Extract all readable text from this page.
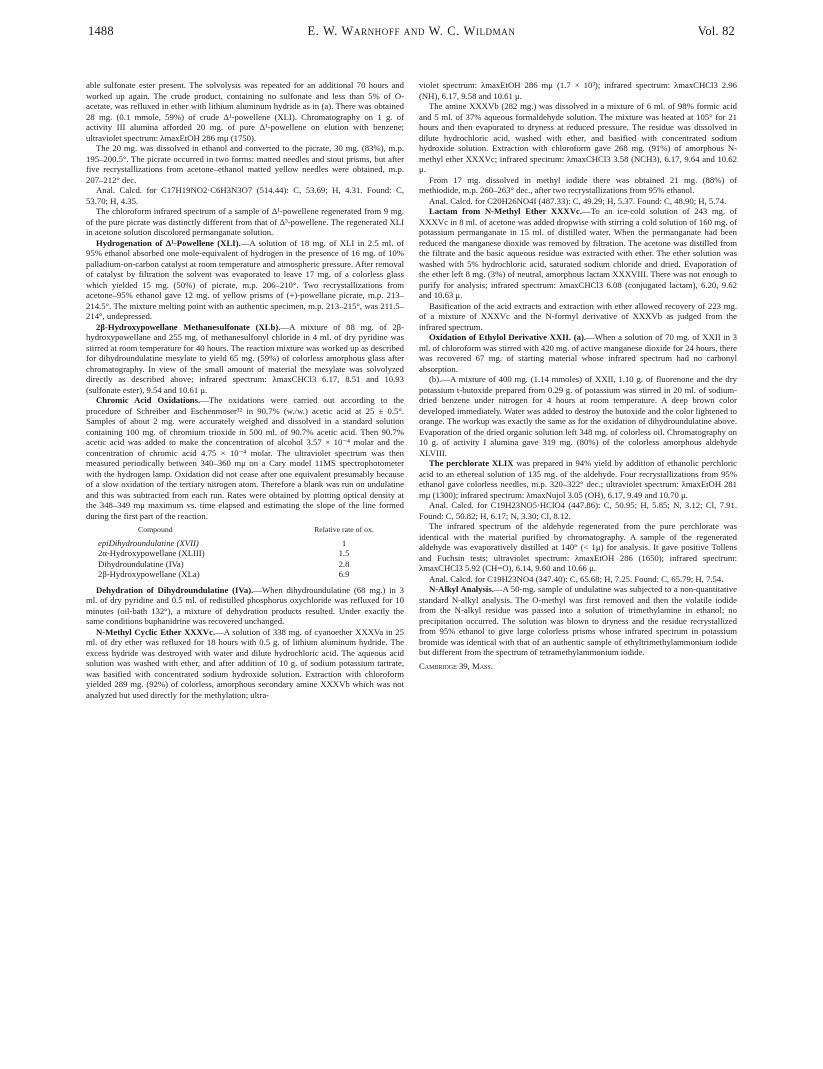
1488	E. W. Warnhoff and W. C. Wildman	Vol. 82

able sulfonate ester present. The solvolysis was repeated for an additional 70 hours and worked up again. The crude product, containing no sulfonate and less than 5% of O-acetate, was refluxed in ether with lithium aluminum hydride as in (a). There was obtained 28 mg. (0.1 mmole, 59%) of crude Δ¹-powellene (XLI). Chromatography on 1 g. of activity III alumina afforded 20 mg. of pure Δ¹-powellene on elution with benzene; ultraviolet spectrum: λmaxEtOH 286 mμ (1750).

The 20 mg. was dissolved in ethanol and converted to the picrate, 30 mg. (83%), m.p. 195–200.5°. The picrate occurred in two forms: matted needles and stout prisms, but after five recrystallizations from acetone–ethanol matted yellow needles were obtained, m.p. 207–212° dec.

Anal. Calcd. for C17H19NO2·C6H3N3O7 (514.44): C, 53.69; H, 4.31. Found: C, 53.70; H, 4.35.

The chloroform infrared spectrum of a sample of Δ¹-powellene regenerated from 9 mg. of the pure picrate was distinctly different from that of Δ³-powellene. The regenerated XLI in acetone solution discolored permanganate solution.

Hydrogenation of Δ¹-Powellene (XLI).—A solution of 18 mg. of XLI in 2.5 ml. of 95% ethanol absorbed one mole-equivalent of hydrogen in the presence of 16 mg. of 10% palladium-on-carbon catalyst at room temperature and atmospheric pressure. After removal of catalyst by filtration the solvent was evaporated to leave 17 mg. of a colorless glass which yielded 15 mg. (50%) of picrate, m.p. 206–210°. Two recrystallizations from acetone–95% ethanol gave 12 mg. of yellow prisms of (+)-powellane picrate, m.p. 213–214.5°. The mixture melting point with an authentic specimen, m.p. 213–215°, was 211.5–214°, undepressed.

2β-Hydroxypowellane Methanesulfonate (XLb).—A mixture of 88 mg. of 2β-hydroxypowellane and 255 mg. of methanesulfonyl chloride in 4 ml. of dry pyridine was stirred at room temperature for 40 hours. The reaction mixture was worked up as described for dihydroundulatine mesylate to yield 65 mg. (59%) of colorless amorphous glass after chromatography. In view of the small amount of material the mesylate was solvolyzed directly as described above; infrared spectrum: λmaxCHCl3 6.17, 8.51 and 10.93 (sulfonate ester), 9.54 and 10.61 μ.

Chromic Acid Oxidations.—The oxidations were carried out according to the procedure of Schreiber and Eschenmoser³² in 90.7% (w./w.) acetic acid at 25 ± 0.5°. Samples of about 2 mg. were accurately weighed and dissolved in a standard solution containing 100 mg. of chromium trioxide in 500 ml. of 90.7% acetic acid. Then 90.7% acetic acid was added to make the concentration of alcohol 3.57 × 10⁻⁴ molar and the concentration of chromic acid 4.75 × 10⁻⁴ molar. The ultraviolet spectrum was then measured periodically between 340–360 mμ on a Cary model 11MS spectrophotometer with the hydrogen lamp. Oxidation did not cease after one equivalent presumably because of a slow oxidation of the tertiary nitrogen atom. Therefore a blank was run on undulatine and this was subtracted from each run. Rates were obtained by plotting optical density at the 348–349 mμ maximum vs. time elapsed and estimating the slope of the line formed during the first part of the reaction.

Compound	Relative rate of ox.
epiDihydroundulatine (XVII)	1
2α-Hydroxypowellane (XLIII)	1.5
Dihydroundulatine (IVa)	2.8
2β-Hydroxypowellane (XLa)	6.9

Dehydration of Dihydroundulatine (IVa).—When dihydroundulatine (68 mg.) in 3 ml. of dry pyridine and 0.5 ml. of redistilled phosphorus oxychloride was refluxed for 10 minutes (oil-bath 132°), a mixture of dehydration products resulted. Under exactly the same conditions buphanidrine was recovered unchanged.

N-Methyl Cyclic Ether XXXVc.—A solution of 338 mg. of cyanoether XXXVa in 25 ml. of dry ether was refluxed for 18 hours with 0.5 g. of lithium aluminum hydride. The excess hydride was destroyed with water and dilute hydrochloric acid. The aqueous acid solution was washed with ether, and after addition of 10 g. of sodium potassium tartrate, was basified with concentrated sodium hydroxide solution. Extraction with chloroform yielded 289 mg. (92%) of colorless, amorphous secondary amine XXXVb which was not analyzed but used directly for the methylation; ultra-

violet spectrum: λmaxEtOH 286 mμ (1.7 × 10³); infrared spectrum: λmaxCHCl3 2.96 (NH), 6.17, 9.58 and 10.61 μ.

The amine XXXVb (282 mg.) was dissolved in a mixture of 6 ml. of 98% formic acid and 5 ml. of 37% aqueous formaldehyde solution. The mixture was heated at 105° for 21 hours and then evaporated to dryness at reduced pressure. The residue was dissolved in dilute hydrochloric acid, washed with ether, and basified with concentrated sodium hydroxide solution. Extraction with chloroform gave 268 mg. (91%) of amorphous N-methyl ether XXXVc; infrared spectrum: λmaxCHCl3 3.58 (NCH3), 6.17, 9.64 and 10.62 μ.

From 17 mg. dissolved in methyl iodide there was obtained 21 mg. (88%) of methiodide, m.p. 260–263° dec., after two recrystallizations from 95% ethanol.

Anal. Calcd. for C20H26NO4I (487.33): C, 49.29; H, 5.37. Found: C, 48.90; H, 5.74.

Lactam from N-Methyl Ether XXXVc.—To an ice-cold solution of 243 mg. of XXXVc in 8 ml. of acetone was added dropwise with stirring a cold solution of 160 mg. of potassium permanganate in 15 ml. of distilled water. When the permanganate had been reduced the manganese dioxide was removed by filtration. The acetone was distilled from the filtrate and the basic aqueous residue was extracted with ether. The ether solution was washed with 5% hydrochloric acid, saturated sodium chloride and dried. Evaporation of the ether left 8 mg. (3%) of neutral, amorphous lactam XXXVIII. There was not enough to purify for analysis; infrared spectrum: λmaxCHCl3 6.08 (conjugated lactam), 6.20, 9.62 and 10.63 μ.

Basification of the acid extracts and extraction with ether allowed recovery of 223 mg. of a mixture of XXXVc and the N-formyl derivative of XXXVb as judged from the infrared spectrum.

Oxidation of Ethylol Derivative XXII. (a).—When a solution of 70 mg. of XXII in 3 ml. of chloroform was stirred with 420 mg. of active manganese dioxide for 24 hours, there was recovered 67 mg. of starting material whose infrared spectrum had no carbonyl absorption.

(b).—A mixture of 400 mg. (1.14 mmoles) of XXII, 1.10 g. of fluorenone and the dry potassium t-butoxide prepared from 0.29 g. of potassium was stirred in 20 ml. of sodium-dried benzene under nitrogen for 4 hours at room temperature. A deep brown color developed immediately. Water was added to destroy the butoxide and the color lightened to orange. The workup was exactly the same as for the oxidation of dihydroundulatine above. Evaporation of the dried organic solution left 348 mg. of colorless oil. Chromatography on 10 g. of activity I alumina gave 319 mg. (80%) of the colorless amorphous aldehyde XLVIII.

The perchlorate XLIX was prepared in 94% yield by addition of ethanolic perchloric acid to an ethereal solution of 135 mg. of the aldehyde. Four recrystallizations from 95% ethanol gave colorless needles, m.p. 320–322° dec.; ultraviolet spectrum: λmaxEtOH 281 mμ (1300); infrared spectrum: λmaxNujol 3.05 (OH), 6.17, 9.49 and 10.70 μ.

Anal. Calcd. for C19H23NO5·HClO4 (447.86): C, 50.95; H, 5.85; N, 3.12; Cl, 7.91. Found: C, 50.82; H, 6.17; N, 3.30; Cl, 8.12.

The infrared spectrum of the aldehyde regenerated from the pure perchlorate was identical with the material purified by chromatography. A sample of the regenerated aldehyde was evaporatively distilled at 140° (< 1μ) for analysis. It gave positive Tollens and Fuchsin tests; ultraviolet spectrum: λmaxEtOH 286 (1650); infrared spectrum: λmaxCHCl3 5.92 (CH=O), 6.14, 9.60 and 10.66 μ.

Anal. Calcd. for C19H23NO4 (347.40): C, 65.68; H, 7.25. Found: C, 65.79; H, 7.54.

N-Alkyl Analysis.—A 50-mg. sample of undulatine was subjected to a non-quantitative standard N-alkyl analysis. The O-methyl was first removed and then the volatile iodide from the N-alkyl residue was passed into a solution of trimethylamine in ethanol; no precipitation occurred. The solution was blown to dryness and the residue recrystallized from 95% ethanol to give large colorless prisms whose infrared spectrum in potassium bromide was identical with that of an authentic sample of ethyltrimethylammonium iodide but different from the spectrum of tetramethylammonium iodide.

Cambridge 39, Mass.
